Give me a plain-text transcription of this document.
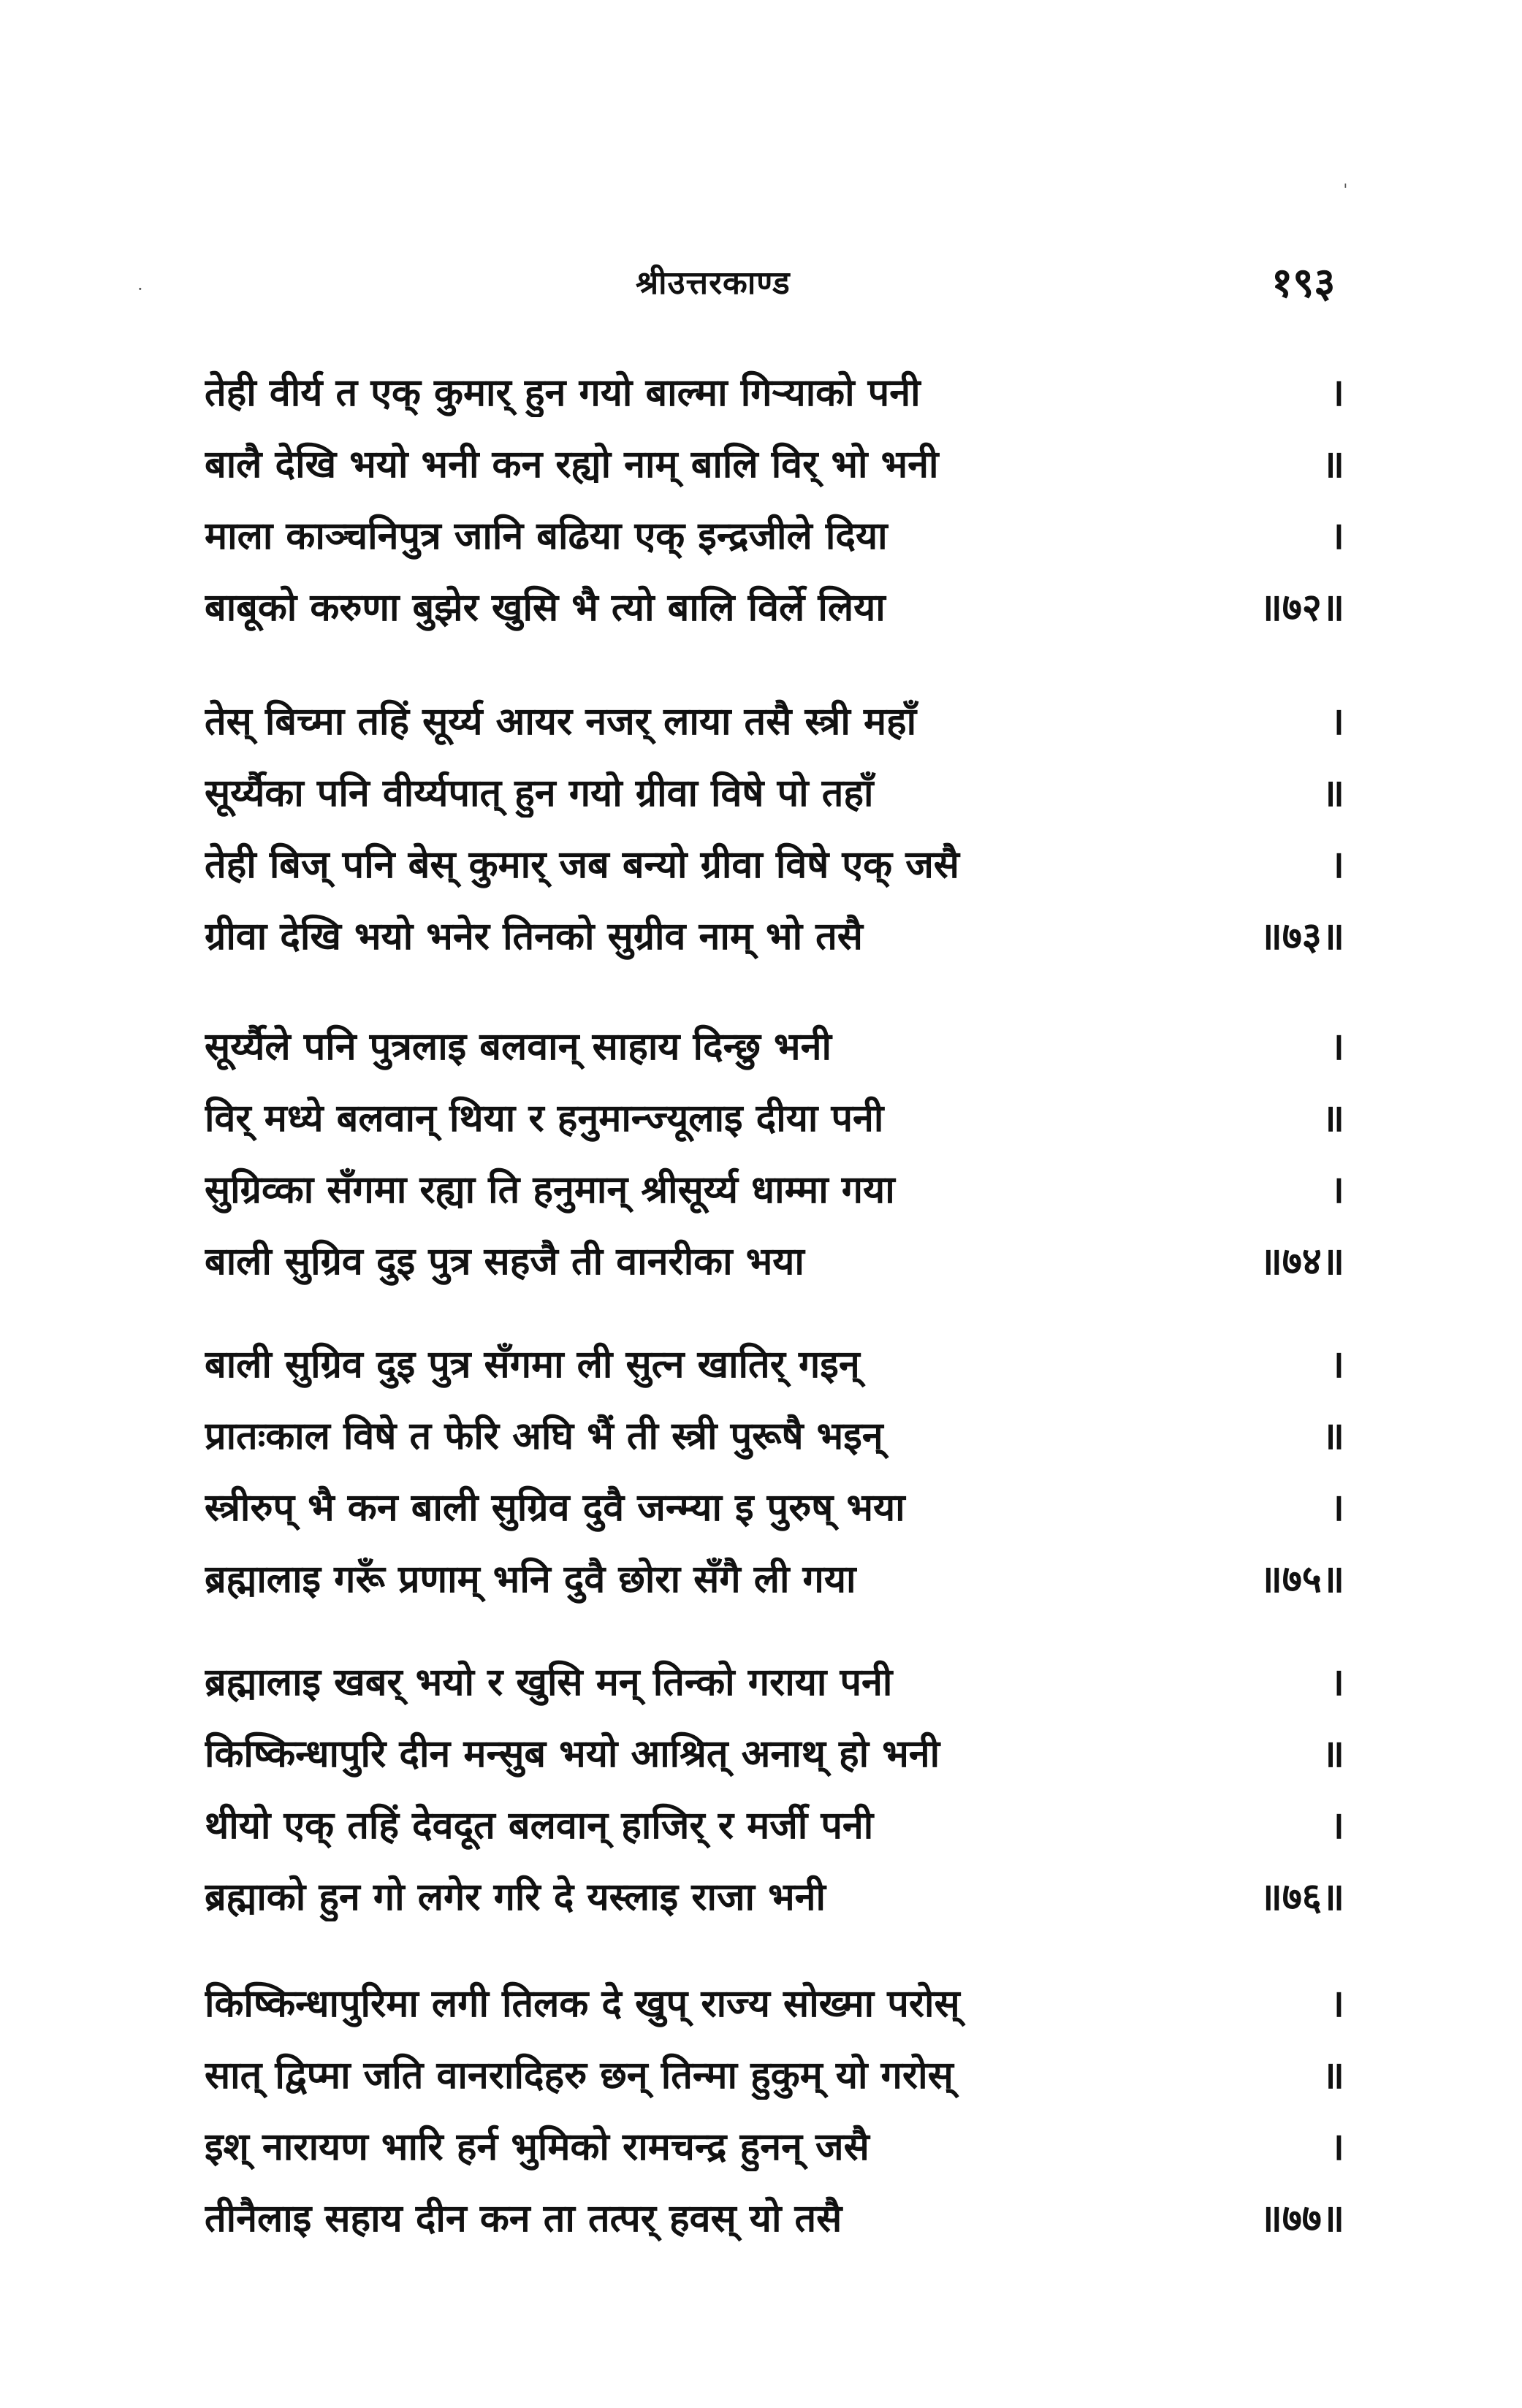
ˈ
·	श्रीउत्तरकाण्ड	१९३
तेही वीर्य त एक् कुमार् हुन गयो बाल्मा गिऱ्याको पनी	।
बालै देखि भयो भनी कन रह्यो नाम् बालि विर् भो भनी	॥
माला काञ्चनिपुत्र जानि बढिया एक् इन्द्रजीले दिया	।
बाबूको करुणा बुझेर खुसि भै त्यो बालि विर्ले लिया	॥७२॥
तेस् बिच्मा तहिं सूर्य्य आयर नजर् लाया तसै स्त्री महाँ	।
सूर्य्यैका पनि वीर्य्यपात् हुन गयो ग्रीवा विषे पो तहाँ	॥
तेही बिज् पनि बेस् कुमार् जब बन्यो ग्रीवा विषे एक् जसै	।
ग्रीवा देखि भयो भनेर तिनको सुग्रीव नाम् भो तसै	॥७३॥
सूर्य्यैले पनि पुत्रलाइ बलवान् साहाय दिन्छु भनी	।
विर् मध्ये बलवान् थिया र हनुमान्ज्यूलाइ दीया पनी	॥
सुग्रिव्का सँगमा रह्या ति हनुमान् श्रीसूर्य्य धाम्मा गया	।
बाली सुग्रिव दुइ पुत्र सहजै ती वानरीका भया	॥७४॥
बाली सुग्रिव दुइ पुत्र सँगमा ली सुत्न खातिर् गइन्	।
प्रातःकाल विषे त फेरि अघि भैं ती स्त्री पुरूषै भइन्	॥
स्त्रीरुप् भै कन बाली सुग्रिव दुवै जन्म्या इ पुरुष् भया	।
ब्रह्मालाइ गरूँ प्रणाम् भनि दुवै छोरा सँगै ली गया	॥७५॥
ब्रह्मालाइ खबर् भयो र खुसि मन् तिन्को गराया पनी	।
किष्किन्धापुरि दीन मन्सुब भयो आश्रित् अनाथ् हो भनी	॥
थीयो एक् तहिं देवदूत बलवान् हाजिर् र मर्जी पनी	।
ब्रह्माको हुन गो लगेर गरि दे यस्लाइ राजा भनी	॥७६॥
किष्किन्धापुरिमा लगी तिलक दे खुप् राज्य सोख्मा परोस्	।
सात् द्विप्मा जति वानरादिहरु छन् तिन्मा हुकुम् यो गरोस्	॥
इश् नारायण भारि हर्न भुमिको रामचन्द्र हुनन् जसै	।
तीनैलाइ सहाय दीन कन ता तत्पर् हवस् यो तसै	॥७७॥
